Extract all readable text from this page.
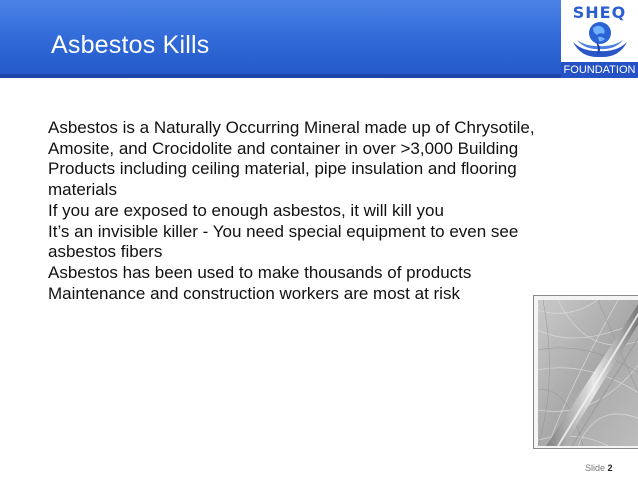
Asbestos Kills
SHEQ
FOUNDATION

Asbestos is a Naturally Occurring Mineral made up of Chrysotile, Amosite, and Crocidolite and container in over >3,000 Building Products including ceiling material, pipe insulation and flooring materials

If you are exposed to enough asbestos, it will kill you

It’s an invisible killer - You need special equipment to even see asbestos fibers

Asbestos has been used to make thousands of products

Maintenance and construction workers are most at risk

Slide 2
